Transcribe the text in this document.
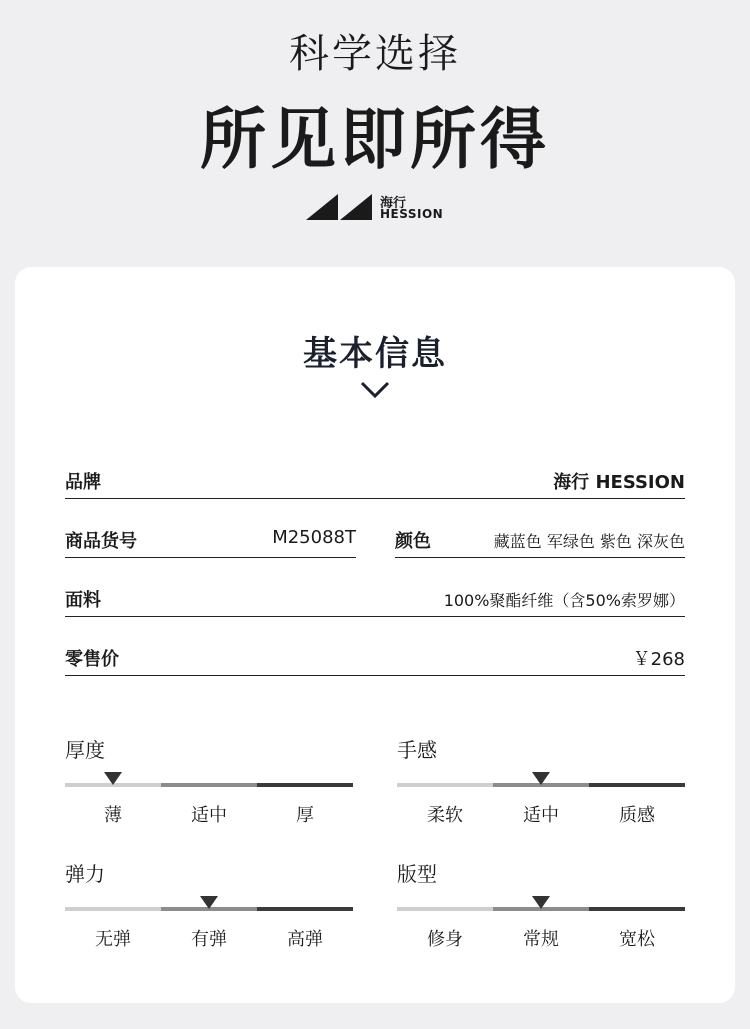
科学选择
所见即所得
海行
HESSION
基本信息
品牌	海行 HESSION
商品货号	M25088T 颜色	藏蓝色 军绿色 紫色 深灰色
面料	100%聚酯纤维（含50%索罗娜）
零售价	￥268
厚度
薄	适中	厚
手感
柔软	适中	质感
弹力
无弹	有弹	高弹
版型
修身	常规	宽松
